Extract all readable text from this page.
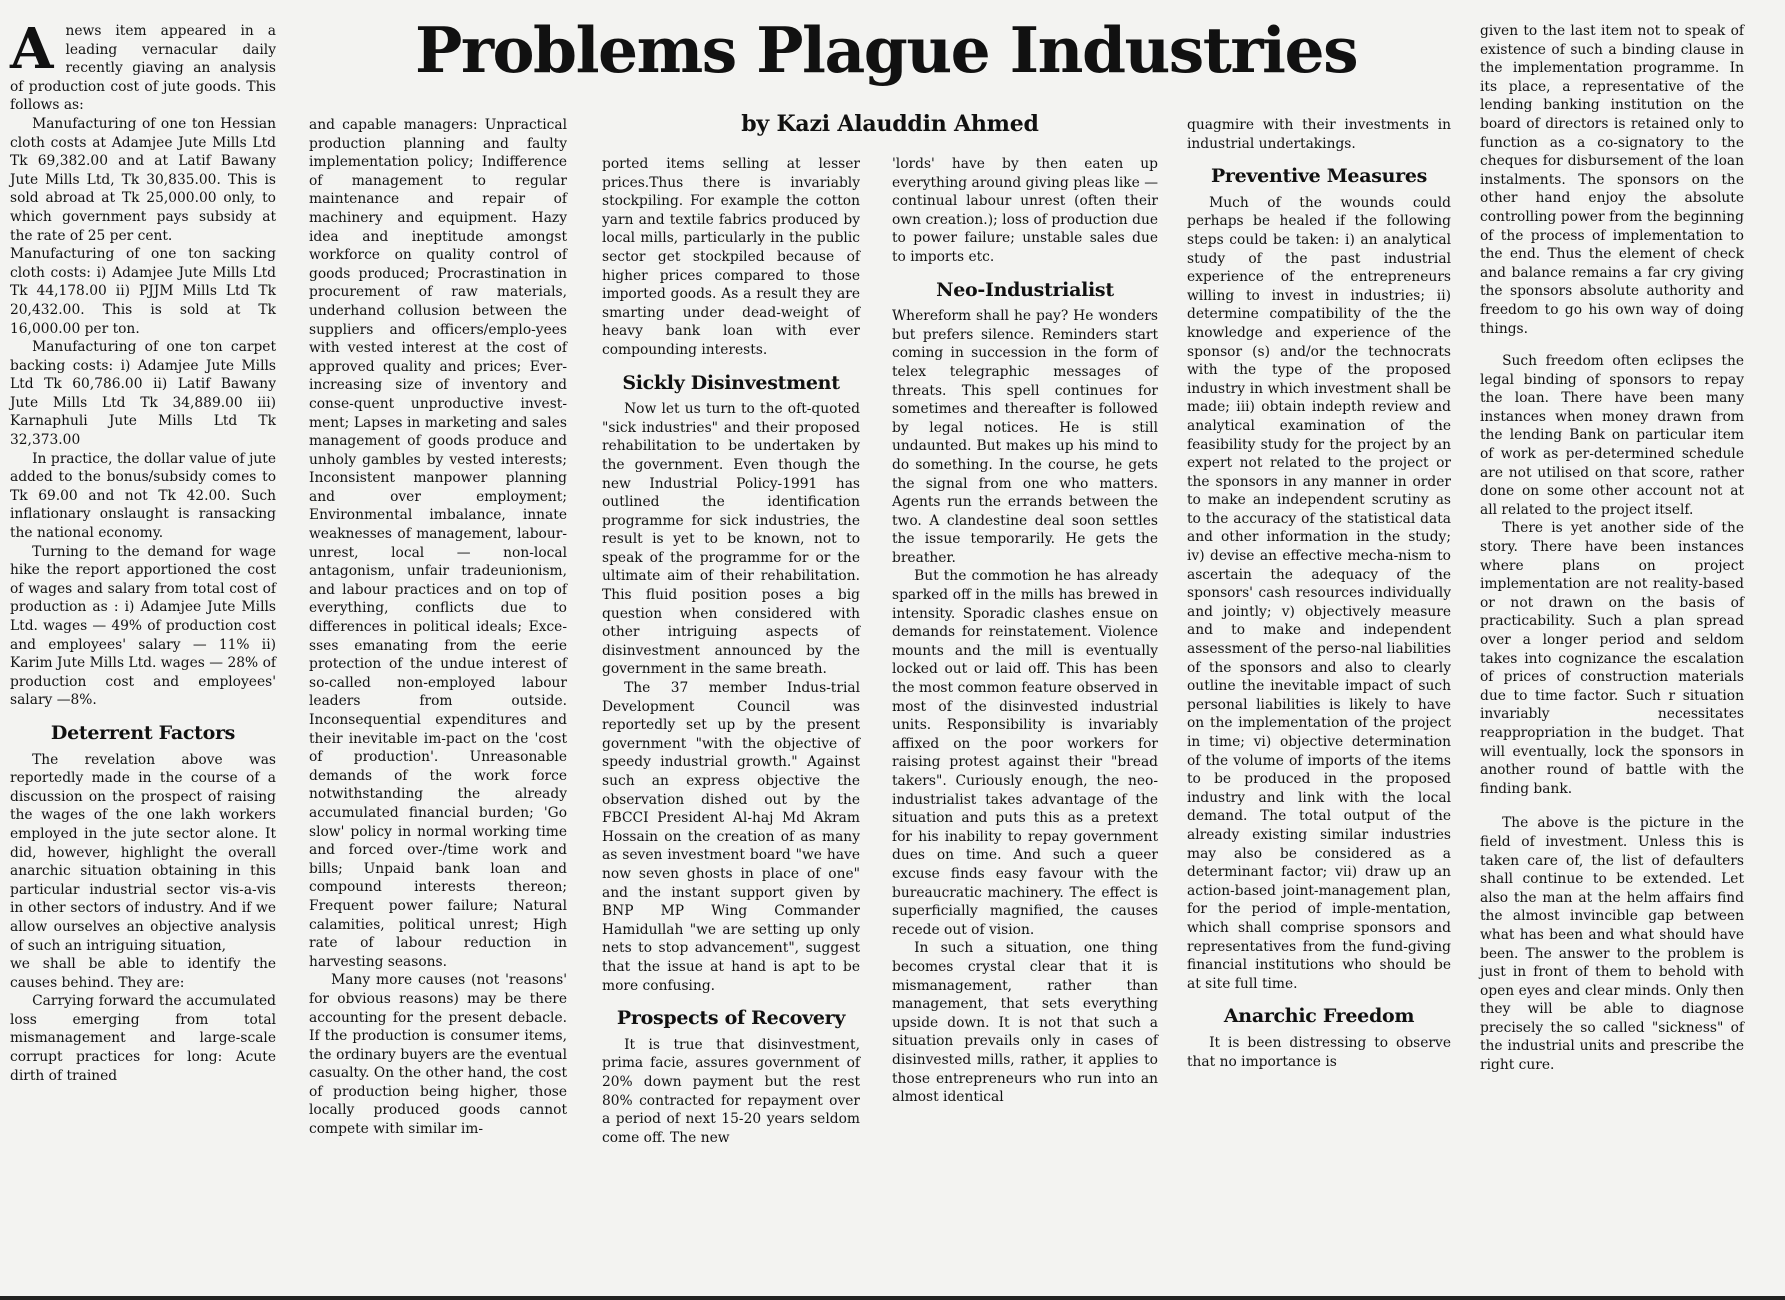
Problems Plague Industries
by Kazi Alauddin Ahmed

Anews item appeared in a leading vernacular daily recently giaving an analysis of production cost of jute goods. This follows as:

Manufacturing of one ton Hessian cloth costs at Adamjee Jute Mills Ltd Tk 69,382.00 and at Latif Bawany Jute Mills Ltd, Tk 30,835.00. This is sold abroad at Tk 25,000.00 only, to which government pays subsidy at the rate of 25 per cent.

Manufacturing of one ton sacking cloth costs: i) Adamjee Jute Mills Ltd Tk 44,178.00 ii) PJJM Mills Ltd Tk 20,432.00. This is sold at Tk 16,000.00 per ton.

Manufacturing of one ton carpet backing costs: i) Adamjee Jute Mills Ltd Tk 60,786.00 ii) Latif Bawany Jute Mills Ltd Tk 34,889.00 iii) Karnaphuli Jute Mills Ltd Tk 32,373.00

In practice, the dollar value of jute added to the bonus/subsidy comes to Tk 69.00 and not Tk 42.00. Such inflationary onslaught is ransacking the national economy.

Turning to the demand for wage hike the report apportioned the cost of wages and salary from total cost of production as : i) Adamjee Jute Mills Ltd. wages — 49% of production cost and employees' salary — 11% ii) Karim Jute Mills Ltd. wages — 28% of production cost and employees' salary —8%.

Deterrent Factors

The revelation above was reportedly made in the course of a discussion on the prospect of raising the wages of the one lakh workers employed in the jute sector alone. It did, however, highlight the overall anarchic situation obtaining in this particular industrial sector vis-a-vis in other sectors of industry. And if we allow ourselves an objective analysis of such an intriguing situation,

we shall be able to identify the causes behind. They are:

Carrying forward the accumulated loss emerging from total mismanagement and large-scale corrupt practices for long: Acute dirth of trained

and capable managers: Unpractical production planning and faulty implementation policy; Indifference of management to regular maintenance and repair of machinery and equipment. Hazy idea and ineptitude amongst workforce on quality control of goods produced; Procrastination in procurement of raw materials, underhand collusion between the suppliers and officers/emplo-yees with vested interest at the cost of approved quality and prices; Ever-increasing size of inventory and conse-quent unproductive invest-ment; Lapses in marketing and sales management of goods produce and unholy gambles by vested interests; Inconsistent manpower planning and over employment; Environmental imbalance, innate weaknesses of management, labour-unrest, local — non-local antagonism, unfair tradeunionism, and labour practices and on top of everything, conflicts due to differences in political ideals; Exce-sses emanating from the eerie protection of the undue interest of so-called non-employed labour leaders from outside. Inconsequential expenditures and their inevitable im-pact on the 'cost of production'. Unreasonable demands of the work force notwithstanding the already accumulated financial burden; 'Go slow' policy in normal working time and forced over-/time work and bills; Unpaid bank loan and compound interests thereon; Frequent power failure; Natural calamities, political unrest; High rate of labour reduction in harvesting seasons.

Many more causes (not 'reasons' for obvious reasons) may be there accounting for the present debacle. If the production is consumer items, the ordinary buyers are the eventual casualty. On the other hand, the cost of production being higher, those locally produced goods cannot compete with similar im-

ported items selling at lesser prices.Thus there is invariably stockpiling. For example the cotton yarn and textile fabrics produced by local mills, particularly in the public sector get stockpiled because of higher prices compared to those imported goods. As a result they are smarting under dead-weight of heavy bank loan with ever compounding interests.

Sickly Disinvestment

Now let us turn to the oft-quoted "sick industries" and their proposed rehabilitation to be undertaken by the government. Even though the new Industrial Policy-1991 has outlined the identification programme for sick industries, the result is yet to be known, not to speak of the programme for or the ultimate aim of their rehabilitation. This fluid position poses a big question when considered with other intriguing aspects of disinvestment announced by the government in the same breath.

The 37 member Indus-trial Development Council was reportedly set up by the present government "with the objective of speedy industrial growth." Against such an express objective the observation dished out by the FBCCI President Al-haj Md Akram Hossain on the creation of as many as seven investment board "we have now seven ghosts in place of one" and the instant support given by BNP MP Wing Commander Hamidullah "we are setting up only nets to stop advancement", suggest that the issue at hand is apt to be more confusing.

Prospects of Recovery

It is true that disinvestment, prima facie, assures government of 20% down payment but the rest 80% contracted for repayment over a period of next 15-20 years seldom come off. The new

'lords' have by then eaten up everything around giving pleas like — continual labour unrest (often their own creation.); loss of production due to power failure; unstable sales due to imports etc.

Neo-Industrialist

Whereform shall he pay? He wonders but prefers silence. Reminders start coming in succession in the form of telex telegraphic messages of threats. This spell continues for sometimes and thereafter is followed by legal notices. He is still undaunted. But makes up his mind to do something. In the course, he gets the signal from one who matters. Agents run the errands between the two. A clandestine deal soon settles the issue temporarily. He gets the breather.

But the commotion he has already sparked off in the mills has brewed in intensity. Sporadic clashes ensue on demands for reinstatement. Violence mounts and the mill is eventually locked out or laid off. This has been the most common feature observed in most of the disinvested industrial units. Responsibility is invariably affixed on the poor workers for raising protest against their "bread takers". Curiously enough, the neo-industrialist takes advantage of the situation and puts this as a pretext for his inability to repay government dues on time. And such a queer excuse finds easy favour with the bureaucratic machinery. The effect is superficially magnified, the causes recede out of vision.

In such a situation, one thing becomes crystal clear that it is mismanagement, rather than management, that sets everything upside down. It is not that such a situation prevails only in cases of disinvested mills, rather, it applies to those entrepreneurs who run into an almost identical

quagmire with their investments in industrial undertakings.

Preventive Measures

Much of the wounds could perhaps be healed if the following steps could be taken: i) an analytical study of the past industrial experience of the entrepreneurs willing to invest in industries; ii) determine compatibility of the the knowledge and experience of the sponsor (s) and/or the technocrats with the type of the proposed industry in which investment shall be made; iii) obtain indepth review and analytical examination of the feasibility study for the project by an expert not related to the project or the sponsors in any manner in order to make an independent scrutiny as to the accuracy of the statistical data and other information in the study; iv) devise an effective mecha-nism to ascertain the adequacy of the sponsors' cash resources individually and jointly; v) objectively measure and to make and independent assessment of the perso-nal liabilities of the sponsors and also to clearly outline the inevitable impact of such personal liabilities is likely to have on the implementation of the project in time; vi) objective determination of the volume of imports of the items to be produced in the proposed industry and link with the local demand. The total output of the already existing similar industries may also be considered as a determinant factor; vii) draw up an action-based joint-management plan, for the period of imple-mentation, which shall comprise sponsors and representatives from the fund-giving financial institutions who should be at site full time.

Anarchic Freedom

It is been distressing to observe that no importance is

given to the last item not to speak of existence of such a binding clause in the implementation programme. In its place, a representative of the lending banking institution on the board of directors is retained only to function as a co-signatory to the cheques for disbursement of the loan instalments. The sponsors on the other hand enjoy the absolute controlling power from the beginning of the process of implementation to the end. Thus the element of check and balance remains a far cry giving the sponsors absolute authority and freedom to go his own way of doing things.

Such freedom often eclipses the legal binding of sponsors to repay the loan. There have been many instances when money drawn from the lending Bank on particular item of work as per-determined schedule are not utilised on that score, rather done on some other account not at all related to the project itself.

There is yet another side of the story. There have been instances where plans on project implementation are not reality-based or not drawn on the basis of practicability. Such a plan spread over a longer period and seldom takes into cognizance the escalation of prices of construction materials due to time factor. Such r situation invariably necessitates reappropriation in the budget. That will eventually, lock the sponsors in another round of battle with the finding bank.

The above is the picture in the field of investment. Unless this is taken care of, the list of defaulters shall continue to be extended. Let also the man at the helm affairs find the almost invincible gap between what has been and what should have been. The answer to the problem is just in front of them to behold with open eyes and clear minds. Only then they will be able to diagnose precisely the so called "sickness" of the industrial units and prescribe the right cure.
